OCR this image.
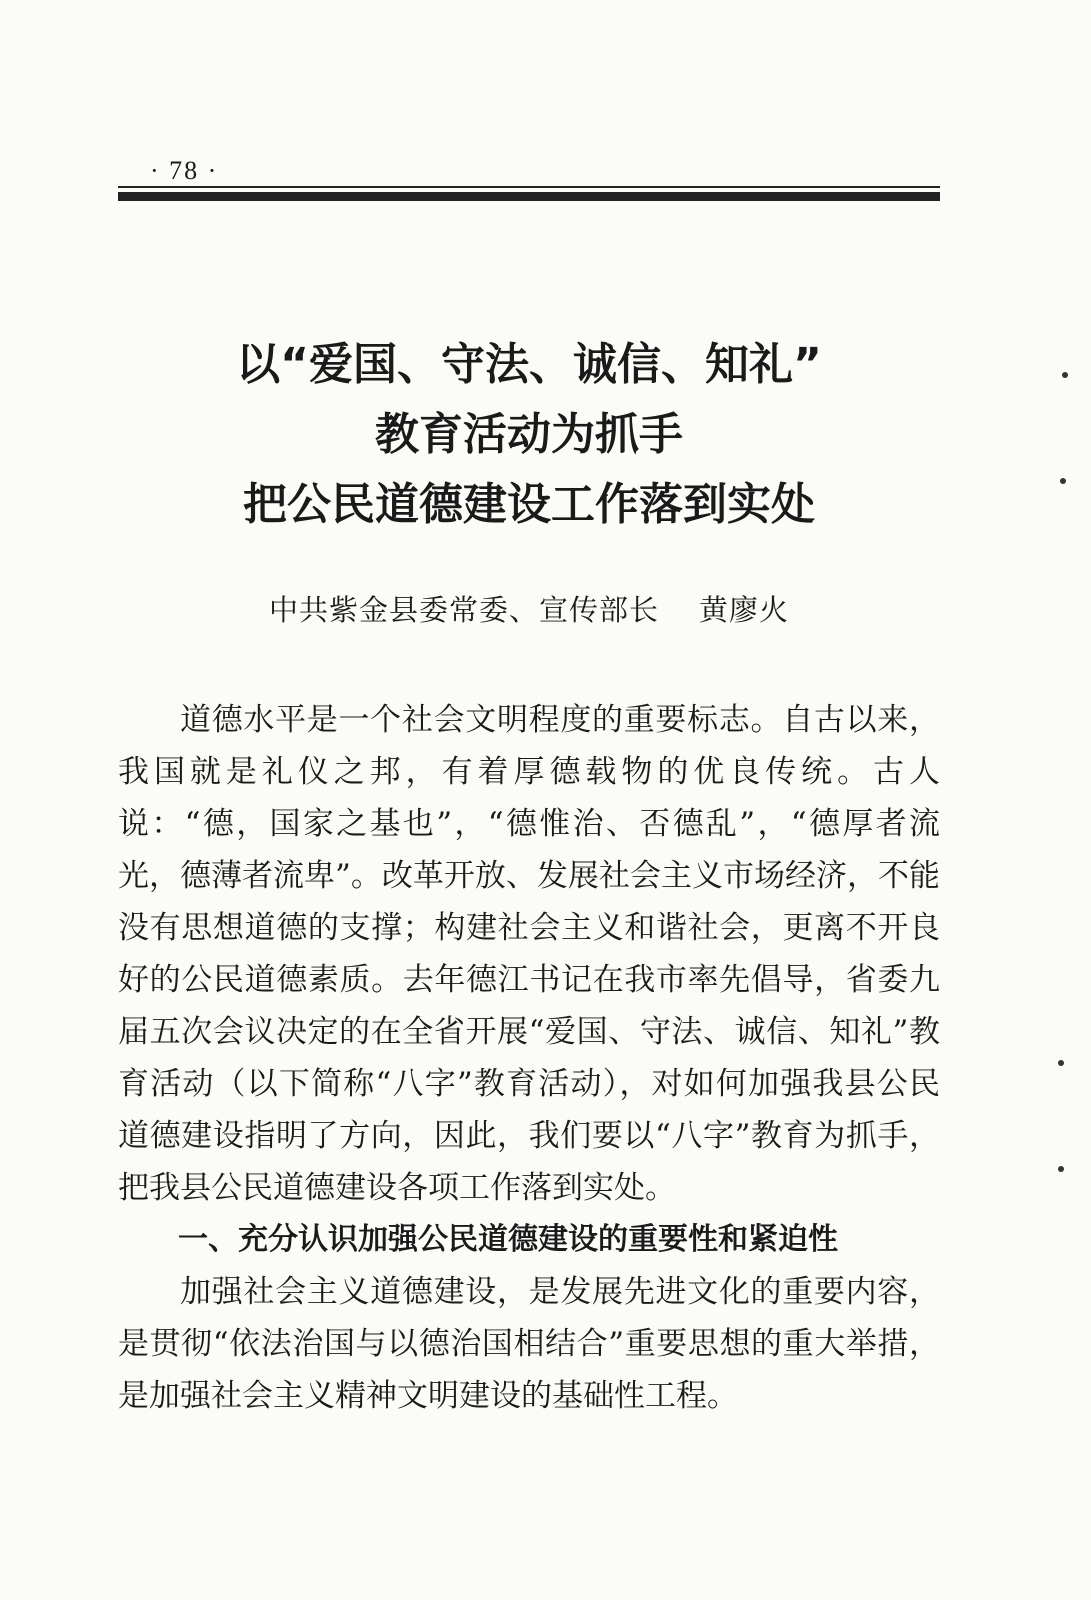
· 78 ·
以“爱国、守法、诚信、知礼”
教育活动为抓手
把公民道德建设工作落到实处
中共紫金县委常委、宣传部长 黄廖火

道德水平是一个社会文明程度的重要标志。自古以来，我国就是礼仪之邦，有着厚德载物的优良传统。古人说：“德，国家之基也”，“德惟治、否德乱”，“德厚者流光，德薄者流卑”。改革开放、发展社会主义市场经济，不能没有思想道德的支撑；构建社会主义和谐社会，更离不开良好的公民道德素质。去年德江书记在我市率先倡导，省委九届五次会议决定的在全省开展“爱国、守法、诚信、知礼”教育活动（以下简称“八字”教育活动），对如何加强我县公民道德建设指明了方向，因此，我们要以“八字”教育为抓手，把我县公民道德建设各项工作落到实处。

一、充分认识加强公民道德建设的重要性和紧迫性

加强社会主义道德建设，是发展先进文化的重要内容，是贯彻“依法治国与以德治国相结合”重要思想的重大举措，是加强社会主义精神文明建设的基础性工程。
